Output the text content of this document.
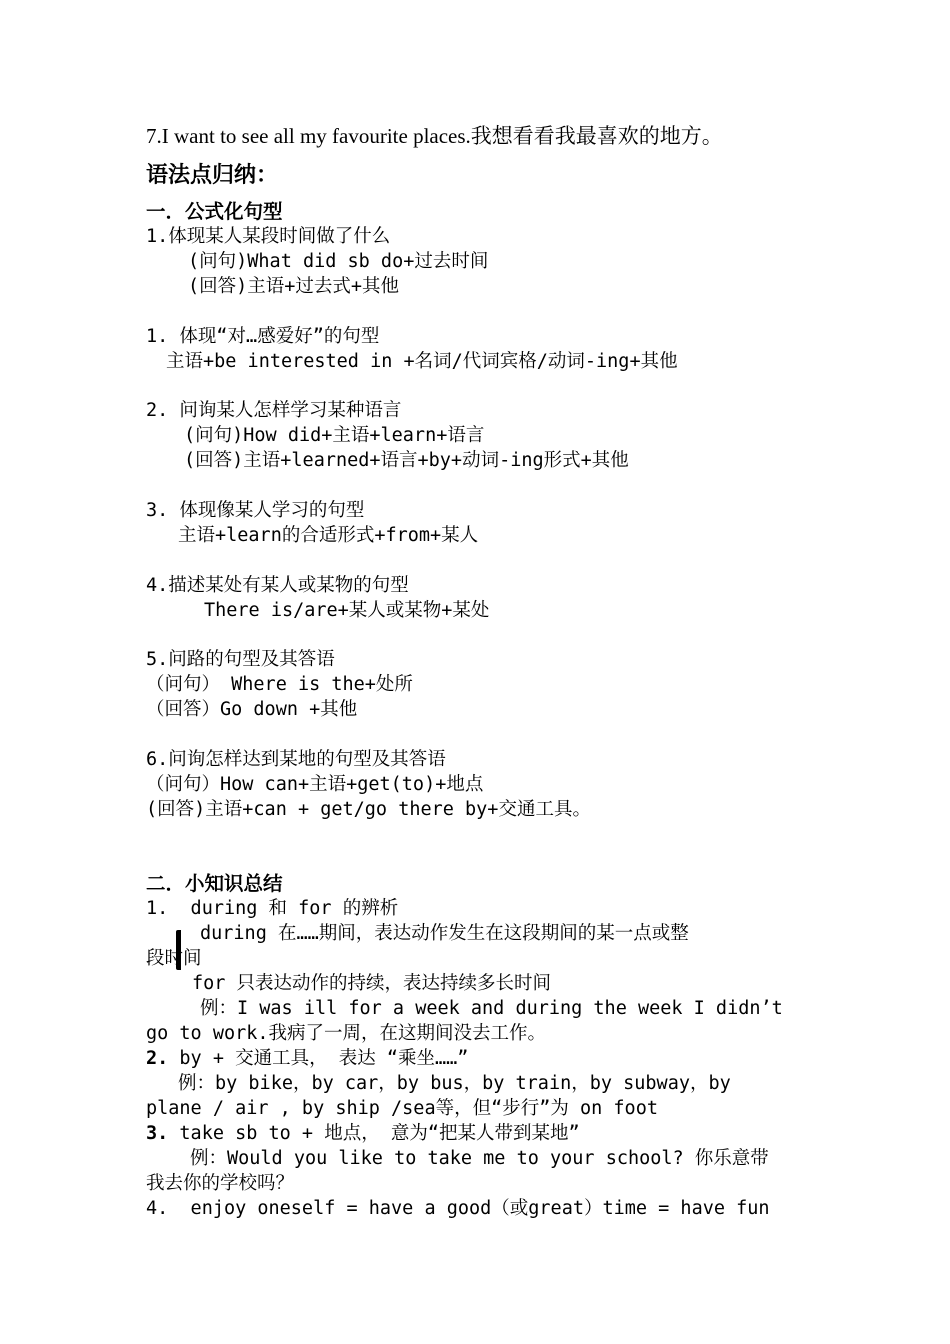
7.I want to see all my favourite places.我想看看我最喜欢的地方。
语法点归纳：
一．公式化句型
1.体现某人某段时间做了什么
(问句)What did sb do+过去时间
(回答)主语+过去式+其他
1. 体现“对…感爱好”的句型
主语+be interested in +名词/代词宾格/动词-ing+其他
2. 问询某人怎样学习某种语言
(问句)How did+主语+learn+语言
(回答)主语+learned+语言+by+动词-ing形式+其他
3. 体现像某人学习的句型
主语+learn的合适形式+from+某人
4.描述某处有某人或某物的句型
There is/are+某人或某物+某处
5.问路的句型及其答语
（问句） Where is the+处所
（回答）Go down +其他
6.问询怎样达到某地的句型及其答语
（问句）How can+主语+get(to)+地点
(回答)主语+can + get/go there by+交通工具。
二．小知识总结
1.  during 和 for 的辨析
during 在……期间，表达动作发生在这段期间的某一点或整
段时间
for 只表达动作的持续，表达持续多长时间
例：I was ill for a week and during the week I didn’t
go to work.我病了一周，在这期间没去工作。
2. by + 交通工具， 表达 “乘坐……”
例：by bike，by car，by bus，by train，by subway，by
plane / air , by ship /sea等，但“步行”为 on foot
3. take sb to + 地点， 意为“把某人带到某地”
例：Would you like to take me to your school? 你乐意带
我去你的学校吗？
4.  enjoy oneself = have a good（或great）time = have fun
